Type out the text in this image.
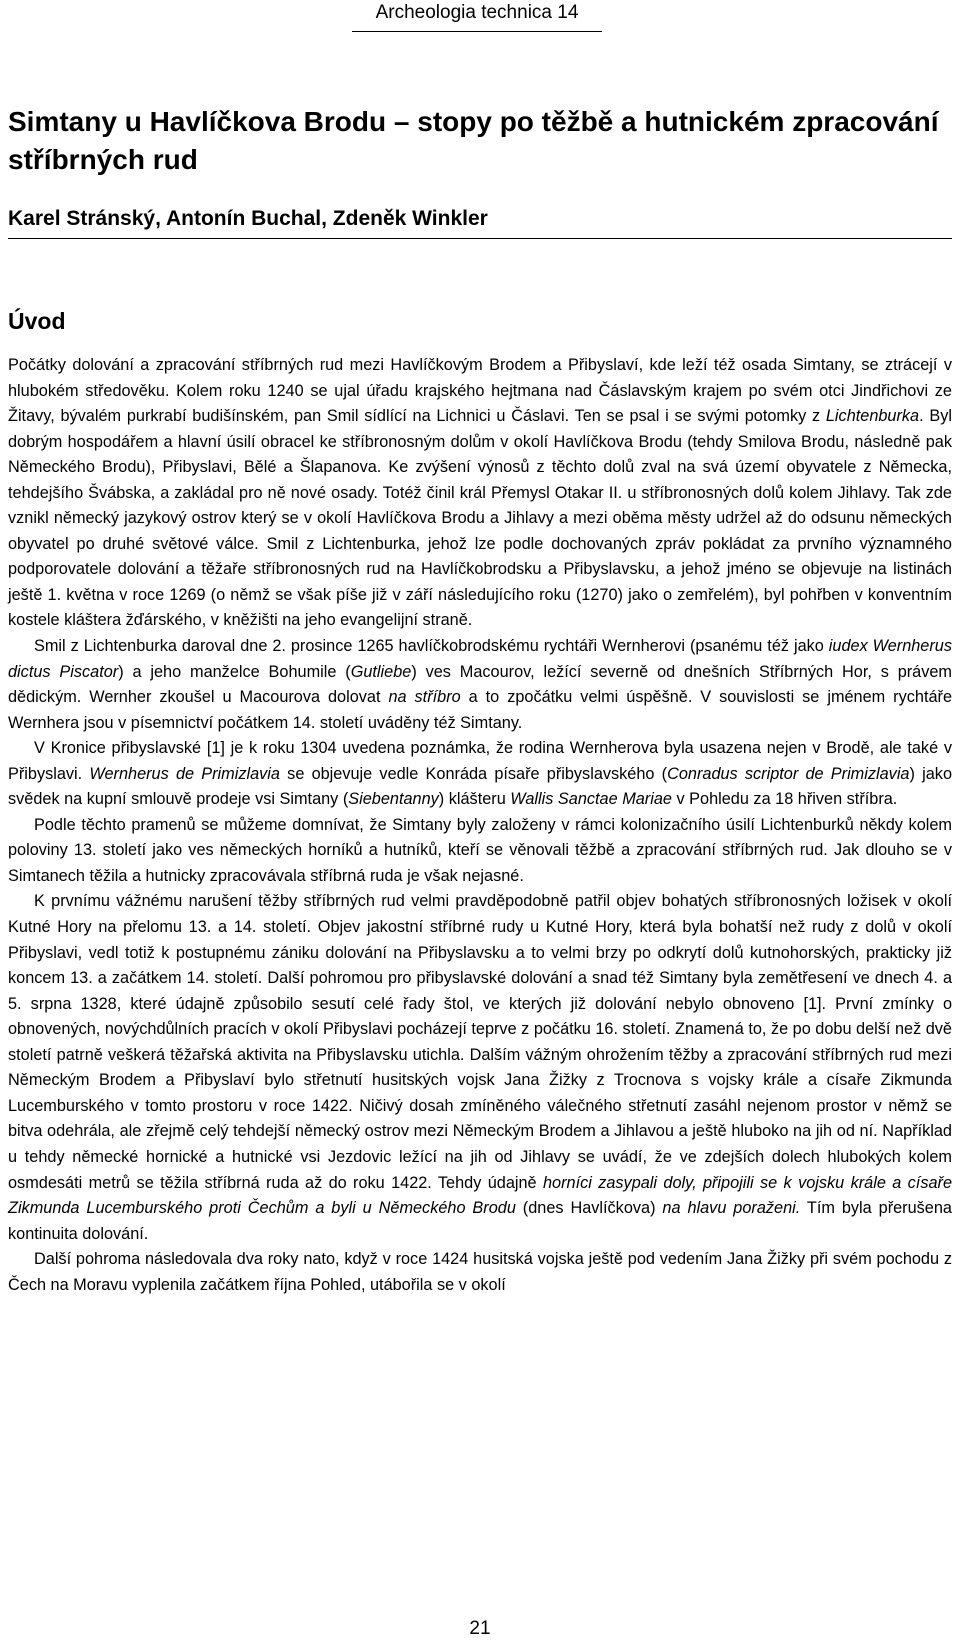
Archeologia technica 14
Simtany u Havlíčkova Brodu – stopy po těžbě a hutnickém zpracování stříbrných rud
Karel Stránský, Antonín Buchal, Zdeněk Winkler
Úvod

Počátky dolování a zpracování stříbrných rud mezi Havlíčkovým Brodem a Přibyslaví, kde leží též osada Simtany, se ztrácejí v hlubokém středověku. Kolem roku 1240 se ujal úřadu krajského hejtmana nad Čáslavským krajem po svém otci Jindřichovi ze Žitavy, bývalém purkrabí budišínském, pan Smil sídlící na Lichnici u Čáslavi. Ten se psal i se svými potomky z Lichtenburka. Byl dobrým hospodářem a hlavní úsilí obracel ke stříbronosným dolům v okolí Havlíčkova Brodu (tehdy Smilova Brodu, následně pak Německého Brodu), Přibyslavi, Bělé a Šlapanova. Ke zvýšení výnosů z těchto dolů zval na svá území obyvatele z Německa, tehdejšího Švábska, a zakládal pro ně nové osady. Totéž činil král Přemysl Otakar II. u stříbronosných dolů kolem Jihlavy. Tak zde vznikl německý jazykový ostrov který se v okolí Havlíčkova Brodu a Jihlavy a mezi oběma městy udržel až do odsunu německých obyvatel po druhé světové válce. Smil z Lichtenburka, jehož lze podle dochovaných zpráv pokládat za prvního významného podporovatele dolování a těžaře stříbronosných rud na Havlíčkobrodsku a Přibyslavsku, a jehož jméno se objevuje na listinách ještě 1. května v roce 1269 (o němž se však píše již v září následujícího roku (1270) jako o zemřelém), byl pohřben v konventním kostele kláštera žďárského, v kněžišti na jeho evangelijní straně.

Smil z Lichtenburka daroval dne 2. prosince 1265 havlíčkobrodskému rychtáři Wernherovi (psanému též jako iudex Wernherus dictus Piscator) a jeho manželce Bohumile (Gutliebe) ves Macourov, ležící severně od dnešních Stříbrných Hor, s právem dědickým. Wernher zkoušel u Macourova dolovat na stříbro a to zpočátku velmi úspěšně. V souvislosti se jménem rychtáře Wernhera jsou v písemnictví počátkem 14. století uváděny též Simtany.

V Kronice přibyslavské [1] je k roku 1304 uvedena poznámka, že rodina Wernherova byla usazena nejen v Brodě, ale také v Přibyslavi. Wernherus de Primizlavia se objevuje vedle Konráda písaře přibyslavského (Conradus scriptor de Primizlavia) jako svědek na kupní smlouvě prodeje vsi Simtany (Siebentanny) klášteru Wallis Sanctae Mariae v Pohledu za 18 hřiven stříbra.

Podle těchto pramenů se můžeme domnívat, že Simtany byly založeny v rámci kolonizačního úsilí Lichtenburků někdy kolem poloviny 13. století jako ves německých horníků a hutníků, kteří se věnovali těžbě a zpracování stříbrných rud. Jak dlouho se v Simtanech těžila a hutnicky zpracovávala stříbrná ruda je však nejasné.

K prvnímu vážnému narušení těžby stříbrných rud velmi pravděpodobně patřil objev bohatých stříbronosných ložisek v okolí Kutné Hory na přelomu 13. a 14. století. Objev jakostní stříbrné rudy u Kutné Hory, která byla bohatší než rudy z dolů v okolí Přibyslavi, vedl totiž k postupnému zániku dolování na Přibyslavsku a to velmi brzy po odkrytí dolů kutnohorských, prakticky již koncem 13. a začátkem 14. století. Další pohromou pro přibyslavské dolování a snad též Simtany byla zemětřesení ve dnech 4. a 5. srpna 1328, které údajně způsobilo sesutí celé řady štol, ve kterých již dolování nebylo obnoveno [1]. První zmínky o obnovených, novýchdůlních pracích v okolí Přibyslavi pocházejí teprve z počátku 16. století. Znamená to, že po dobu delší než dvě století patrně veškerá těžařská aktivita na Přibyslavsku utichla. Dalším vážným ohrožením těžby a zpracování stříbrných rud mezi Německým Brodem a Přibyslaví bylo střetnutí husitských vojsk Jana Žižky z Trocnova s vojsky krále a císaře Zikmunda Lucemburského v tomto prostoru v roce 1422. Ničivý dosah zmíněného válečného střetnutí zasáhl nejenom prostor v němž se bitva odehrála, ale zřejmě celý tehdejší německý ostrov mezi Německým Brodem a Jihlavou a ještě hluboko na jih od ní. Například u tehdy německé hornické a hutnické vsi Jezdovic ležící na jih od Jihlavy se uvádí, že ve zdejších dolech hlubokých kolem osmdesáti metrů se těžila stříbrná ruda až do roku 1422. Tehdy údajně horníci zasypali doly, připojili se k vojsku krále a císaře Zikmunda Lucemburského proti Čechům a byli u Německého Brodu (dnes Havlíčkova) na hlavu poraženi. Tím byla přerušena kontinuita dolování.

Další pohroma následovala dva roky nato, když v roce 1424 husitská vojska ještě pod vedením Jana Žižky při svém pochodu z Čech na Moravu vyplenila začátkem října Pohled, utábořila se v okolí

21
